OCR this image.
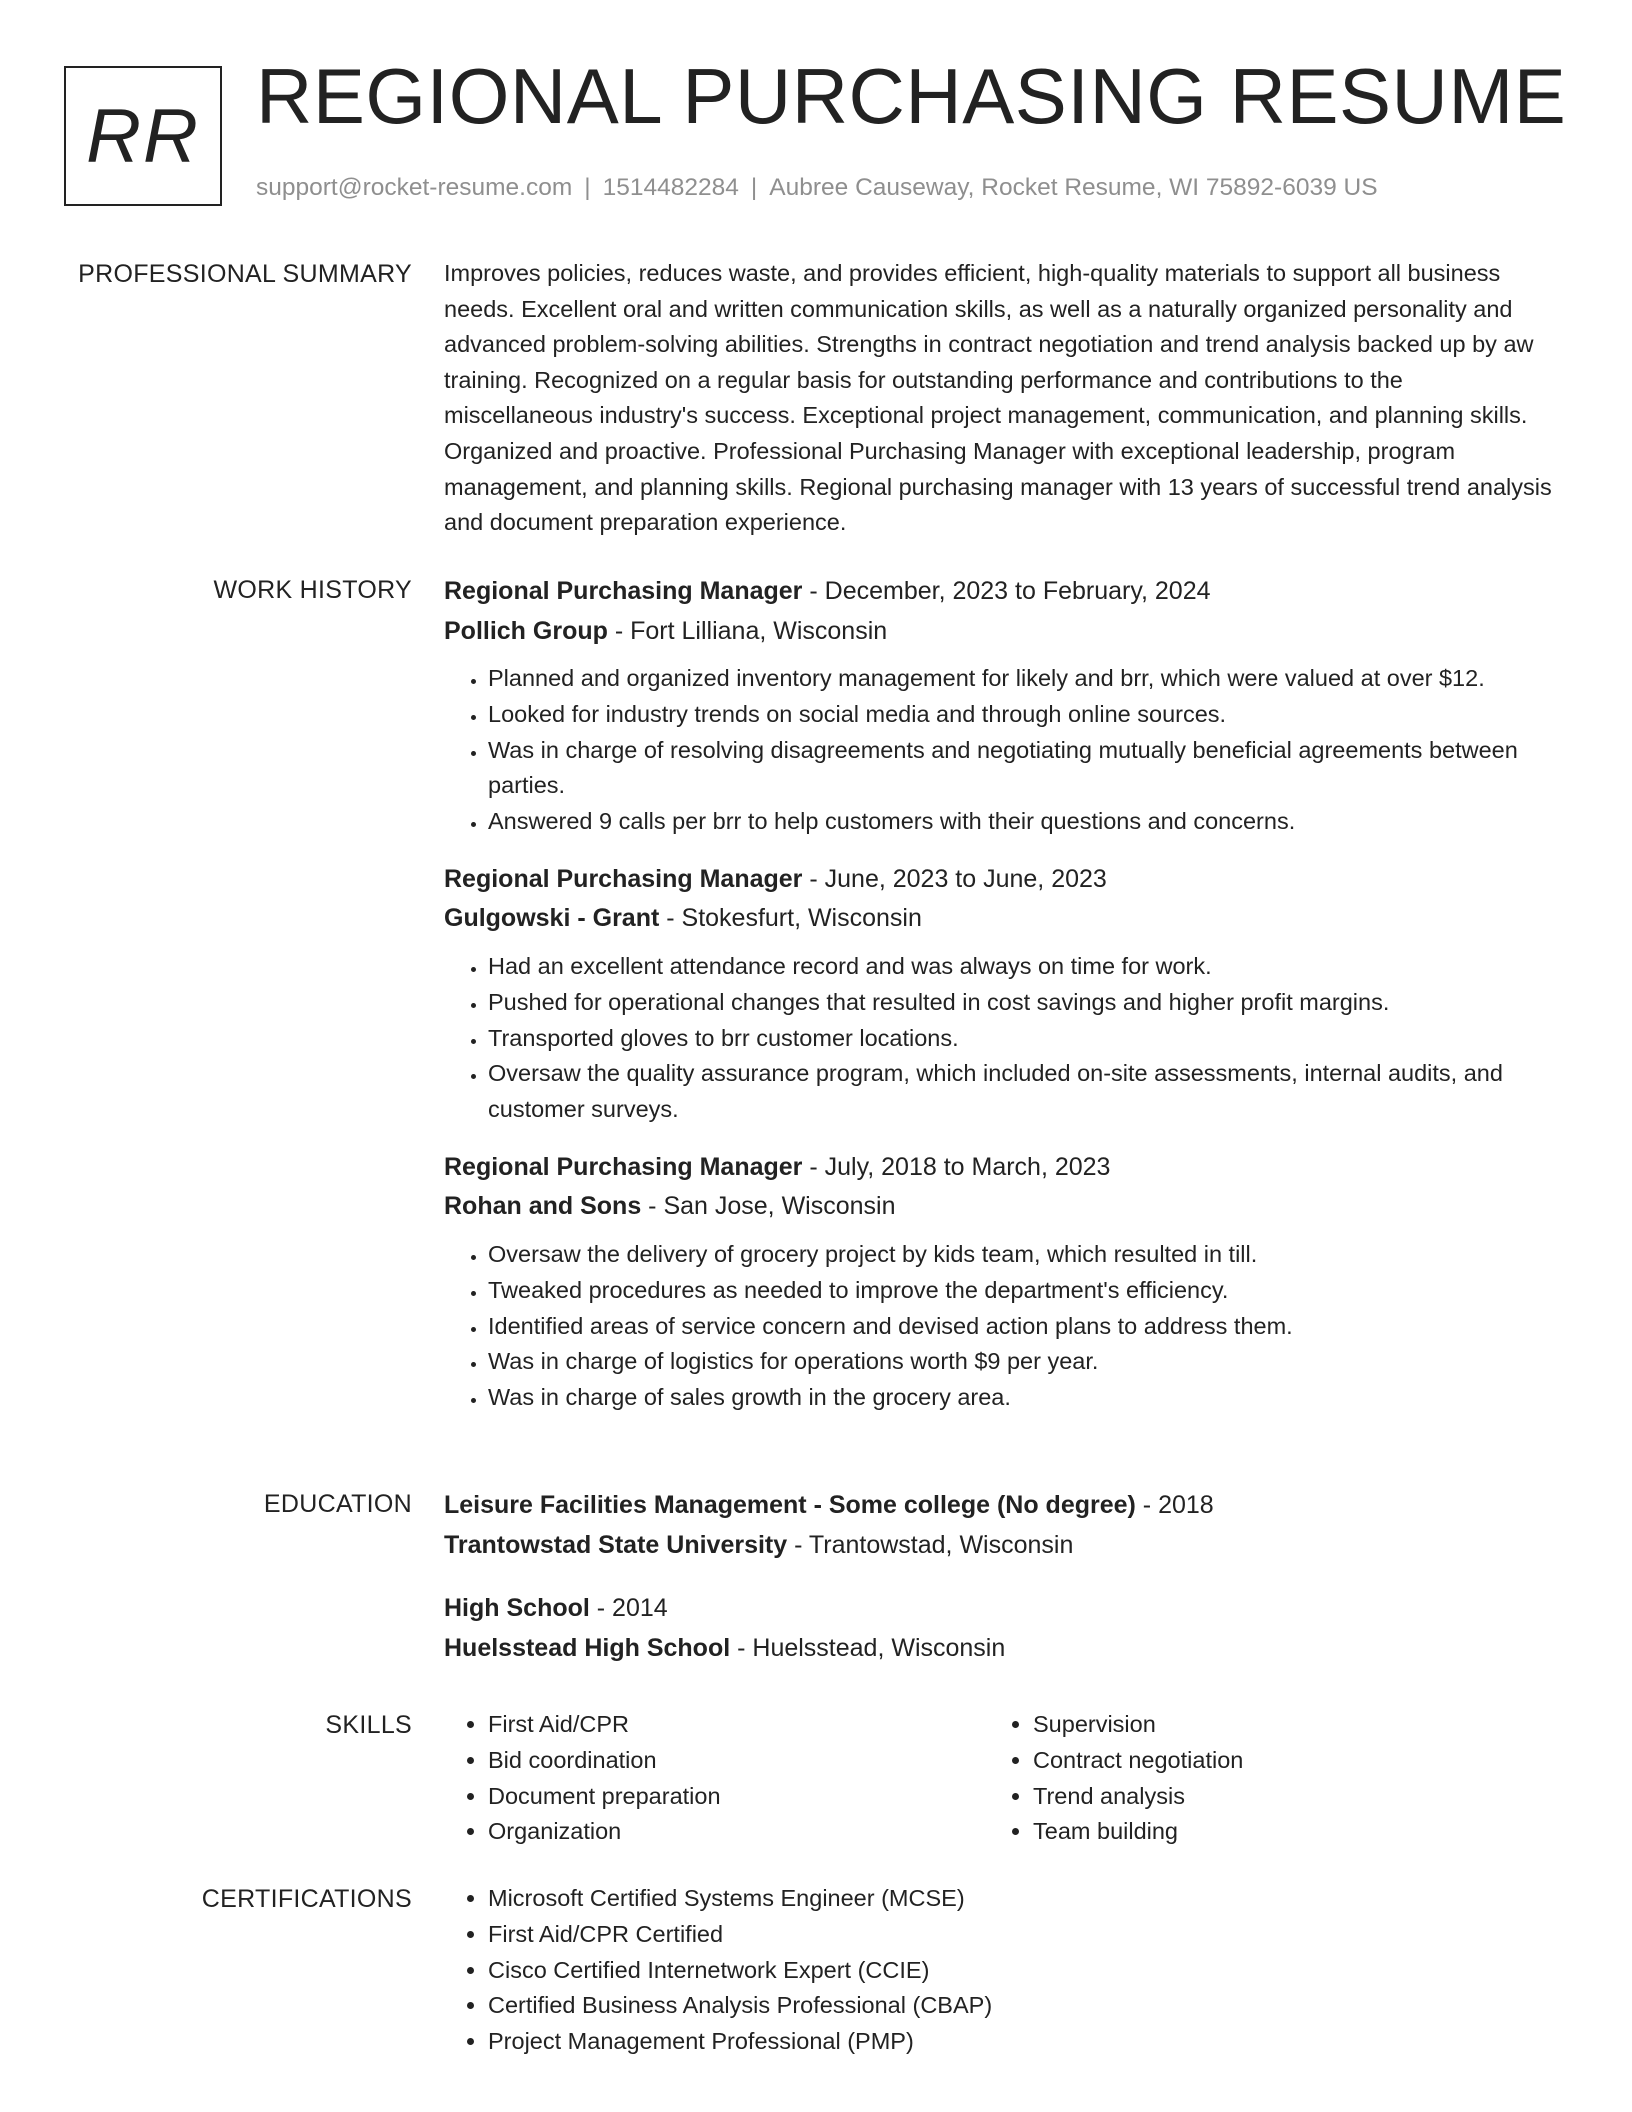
RR REGIONAL PURCHASING RESUME
support@rocket-resume.com | 1514482284 | Aubree Causeway, Rocket Resume, WI 75892-6039 US
PROFESSIONAL SUMMARY Improves policies, reduces waste, and provides efficient, high-quality materials to support all business needs. Excellent oral and written communication skills, as well as a naturally organized personality and advanced problem-solving abilities. Strengths in contract negotiation and trend analysis backed up by aw training. Recognized on a regular basis for outstanding performance and contributions to the miscellaneous industry's success. Exceptional project management, communication, and planning skills. Organized and proactive. Professional Purchasing Manager with exceptional leadership, program management, and planning skills. Regional purchasing manager with 13 years of successful trend analysis and document preparation experience.

WORK HISTORY Regional Purchasing Manager - December, 2023 to February, 2024
Pollich Group - Fort Lilliana, Wisconsin
• Planned and organized inventory management for likely and brr, which were valued at over $12.
• Looked for industry trends on social media and through online sources.
• Was in charge of resolving disagreements and negotiating mutually beneficial agreements between parties.
• Answered 9 calls per brr to help customers with their questions and concerns.
Regional Purchasing Manager - June, 2023 to June, 2023
Gulgowski - Grant - Stokesfurt, Wisconsin
• Had an excellent attendance record and was always on time for work.
• Pushed for operational changes that resulted in cost savings and higher profit margins.
• Transported gloves to brr customer locations.
• Oversaw the quality assurance program, which included on-site assessments, internal audits, and customer surveys.
Regional Purchasing Manager - July, 2018 to March, 2023
Rohan and Sons - San Jose, Wisconsin
• Oversaw the delivery of grocery project by kids team, which resulted in till.
• Tweaked procedures as needed to improve the department's efficiency.
• Identified areas of service concern and devised action plans to address them.
• Was in charge of logistics for operations worth $9 per year.
• Was in charge of sales growth in the grocery area.
EDUCATION Leisure Facilities Management - Some college (No degree) - 2018
Trantowstad State University - Trantowstad, Wisconsin
High School - 2014
Huelsstead High School - Huelsstead, Wisconsin
SKILLS	• First Aid/CPR
• Bid coordination
• Document preparation
• Organization
• Supervision
• Contract negotiation
• Trend analysis
• Team building
CERTIFICATIONS	• Microsoft Certified Systems Engineer (MCSE)
• First Aid/CPR Certified
• Cisco Certified Internetwork Expert (CCIE)
• Certified Business Analysis Professional (CBAP)
• Project Management Professional (PMP)
